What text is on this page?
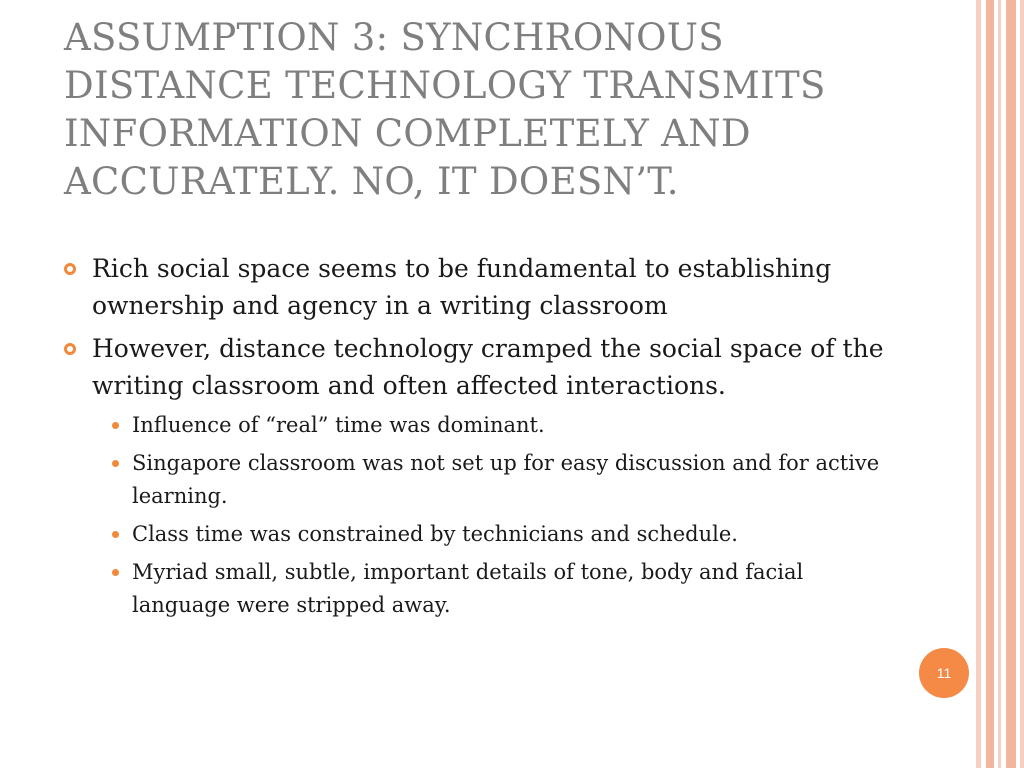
ASSUMPTION 3: SYNCHRONOUS
DISTANCE TECHNOLOGY TRANSMITS
INFORMATION COMPLETELY AND
ACCURATELY. NO, IT DOESN’T.
Rich social space seems to be fundamental to establishing ownership and agency in a writing classroom
However, distance technology cramped the social space of the writing classroom and often affected interactions.
Influence of “real” time was dominant.
Singapore classroom was not set up for easy discussion and for active learning.
Class time was constrained by technicians and schedule.
Myriad small, subtle, important details of tone, body and facial language were stripped away.
11
